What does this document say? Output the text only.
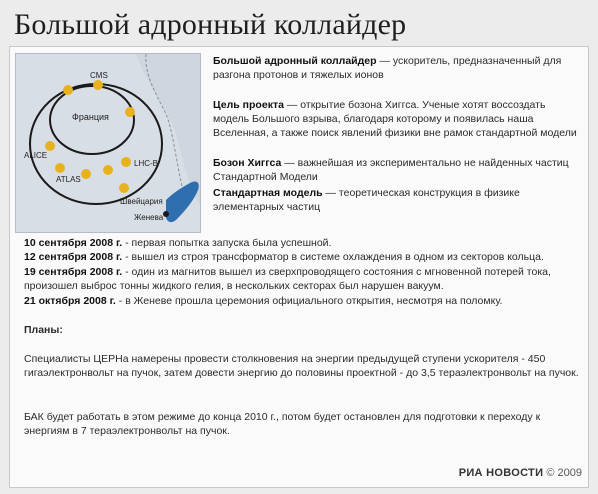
Большой адронный коллайдер
CMS
Франция
ALICE
ATLAS
LHC-B
Швейцария
Женева
Большой адронный коллайдер — ускоритель, предназначенный для разгона протонов и тяжелых ионов
Цель проекта — открытие бозона Хиггса. Ученые хотят воссоздать модель Большого взрыва, благодаря которому и появилась наша Вселенная, а также поиск явлений физики вне рамок стандартной модели
Бозон Хиггса — важнейшая из экспериментально не найденных частиц Стандартной Модели
Стандартная модель — теоретическая конструкция в физике элементарных частиц
10 сентября 2008 г. - первая попытка запуска была успешной.
12 сентября 2008 г. - вышел из строя трансформатор в системе охлаждения в одном из секторов кольца.
19 сентября 2008 г. - один из магнитов вышел из сверхпроводящего состояния с мгновенной потерей тока, произошел выброс тонны жидкого гелия, в нескольких секторах был нарушен вакуум.
21 октября 2008 г. - в Женеве прошла церемония официального открытия, несмотря на поломку.
Планы:
Специалисты ЦЕРНа намерены провести столкновения на энергии предыдущей ступени ускорителя - 450 гигаэлектронвольт на пучок, затем довести энергию до половины проектной - до 3,5 тераэлектронвольт на пучок.
БАК будет работать в этом режиме до конца 2010 г., потом будет остановлен для подготовки к переходу к энергиям в 7 тераэлектронвольт на пучок.
РИА НОВОСТИ © 2009
